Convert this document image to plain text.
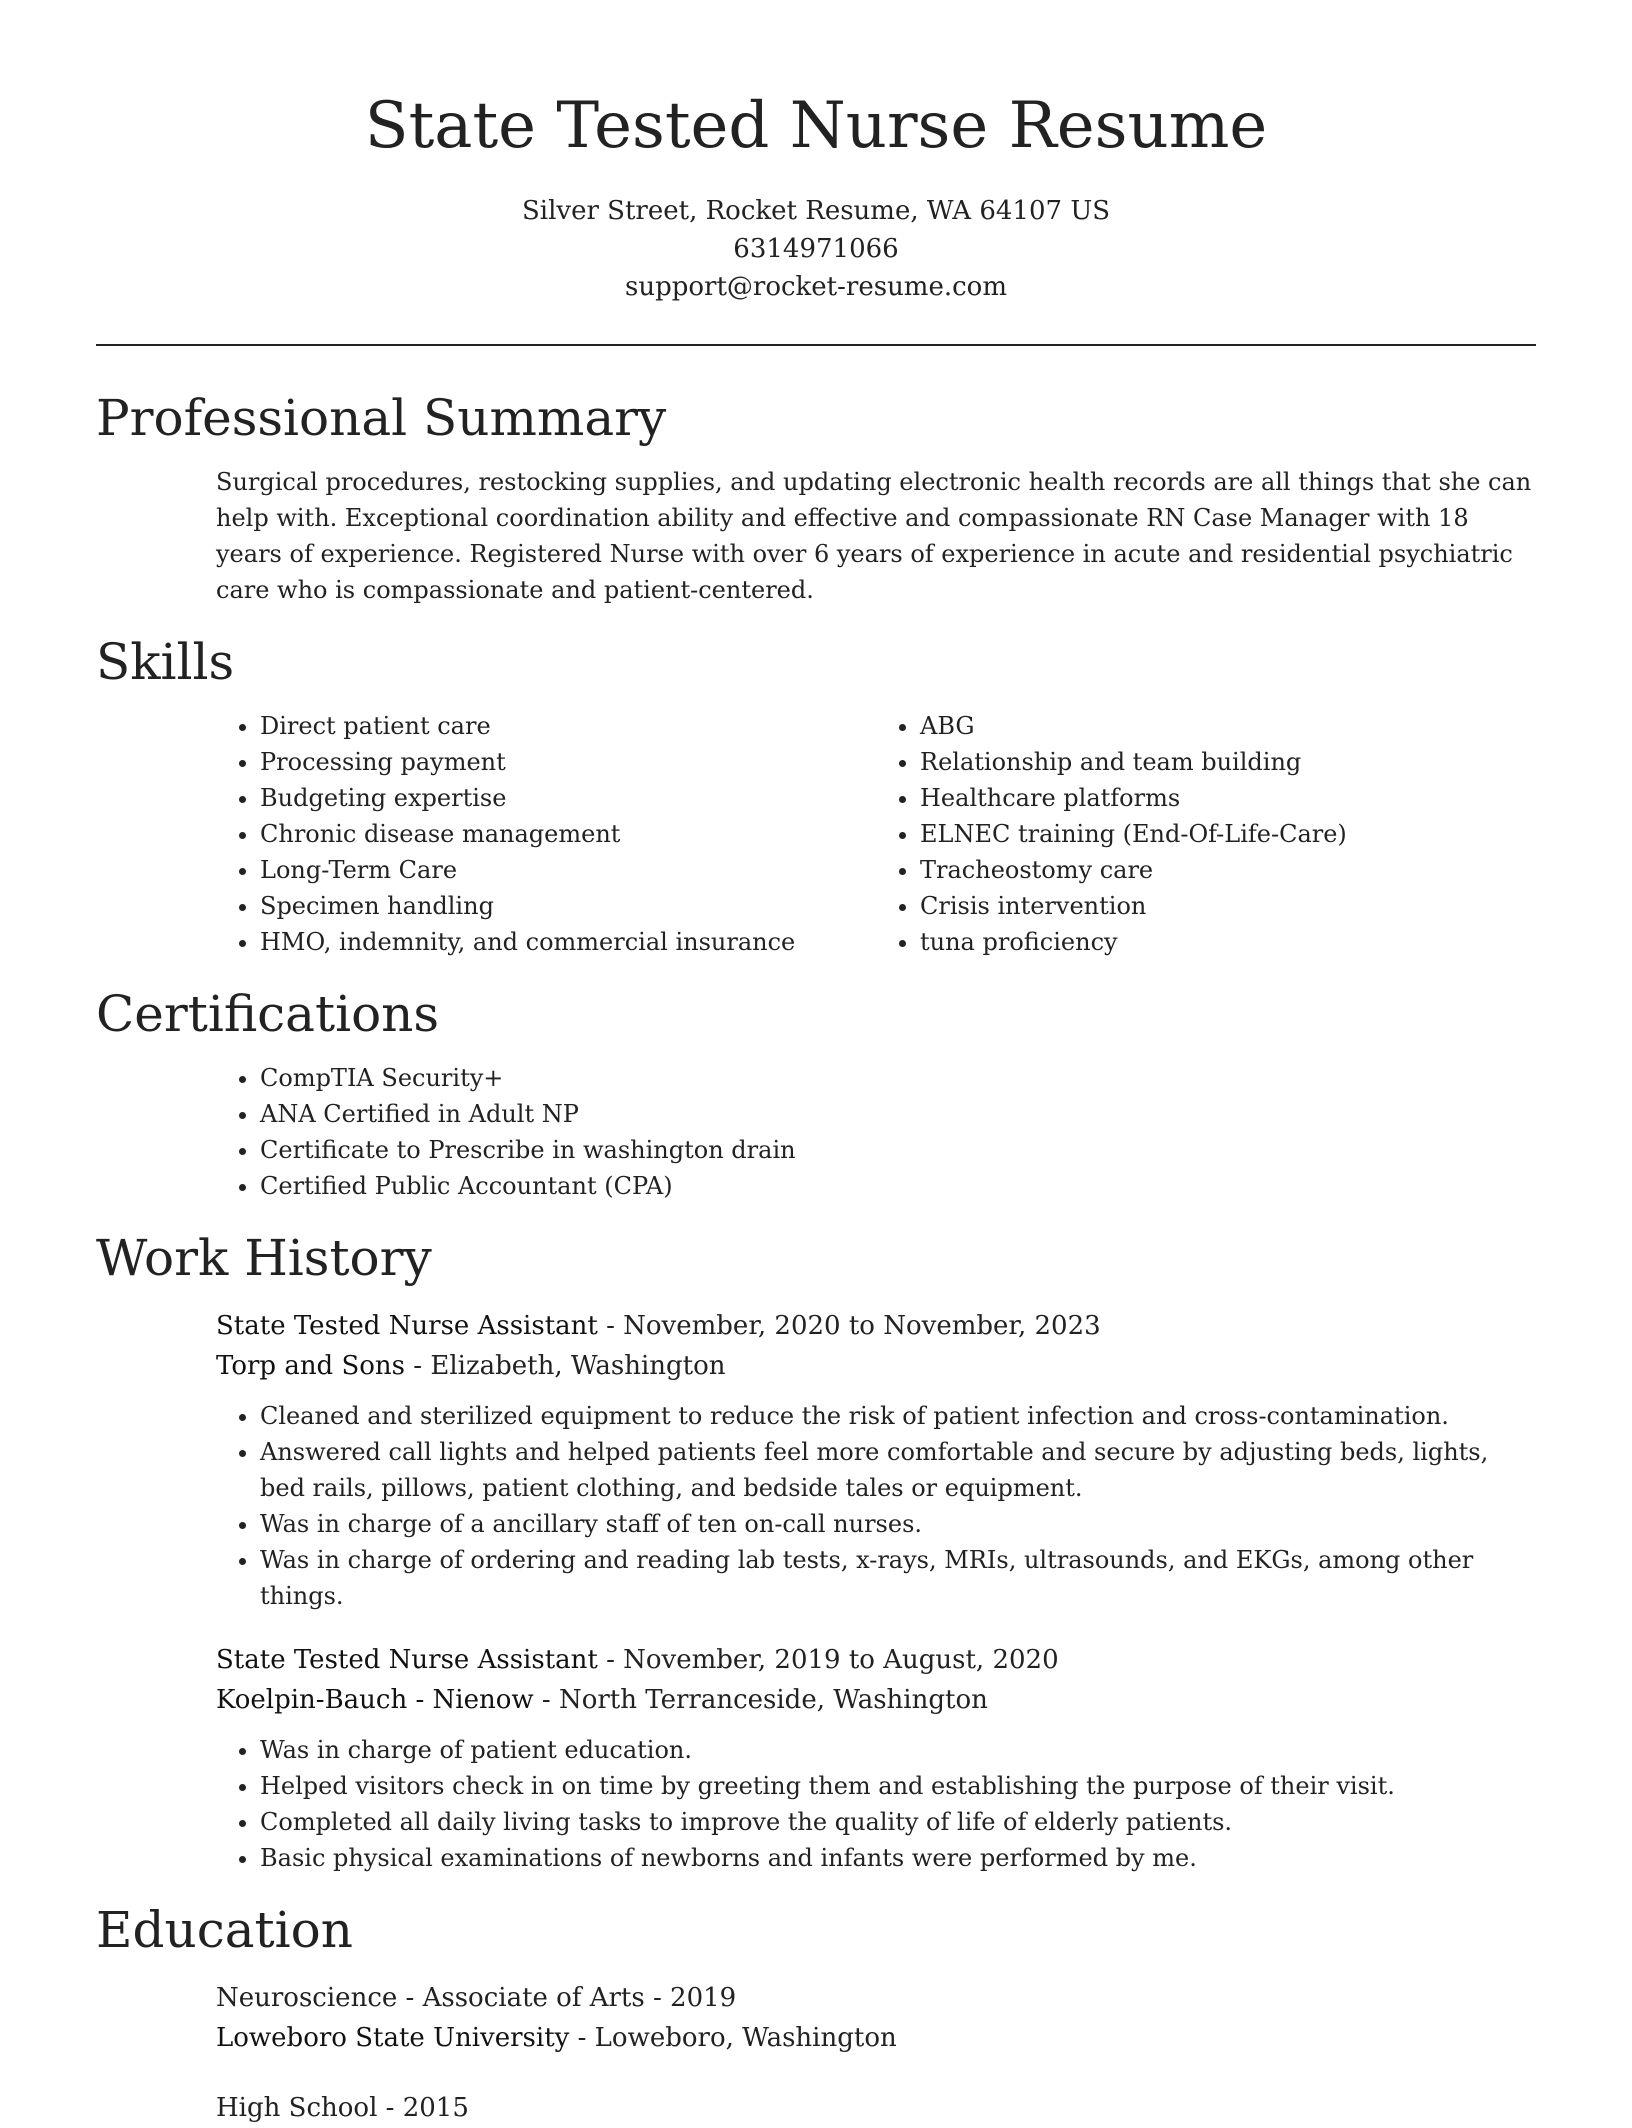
State Tested Nurse Resume
Silver Street, Rocket Resume, WA 64107 US
6314971066
support@rocket-resume.com
Professional Summary

Surgical procedures, restocking supplies, and updating electronic health records are all things that she can help with. Exceptional coordination ability and effective and compassionate RN Case Manager with 18 years of experience. Registered Nurse with over 6 years of experience in acute and residential psychiatric care who is compassionate and patient-centered.

Skills
• Direct patient care
• Processing payment
• Budgeting expertise
• Chronic disease management
• Long-Term Care
• Specimen handling
• HMO, indemnity, and commercial insurance
• ABG
• Relationship and team building
• Healthcare platforms
• ELNEC training (End-Of-Life-Care)
• Tracheostomy care
• Crisis intervention
• tuna proficiency
Certifications
• CompTIA Security+
• ANA Certified in Adult NP
• Certificate to Prescribe in washington drain
• Certified Public Accountant (CPA)
Work History
State Tested Nurse Assistant - November, 2020 to November, 2023
Torp and Sons - Elizabeth, Washington
• Cleaned and sterilized equipment to reduce the risk of patient infection and cross-contamination.
• Answered call lights and helped patients feel more comfortable and secure by adjusting beds, lights, bed rails, pillows, patient clothing, and bedside tales or equipment.
• Was in charge of a ancillary staff of ten on-call nurses.
• Was in charge of ordering and reading lab tests, x-rays, MRIs, ultrasounds, and EKGs, among other things.
State Tested Nurse Assistant - November, 2019 to August, 2020
Koelpin-Bauch - Nienow - North Terranceside, Washington
• Was in charge of patient education.
• Helped visitors check in on time by greeting them and establishing the purpose of their visit.
• Completed all daily living tasks to improve the quality of life of elderly patients.
• Basic physical examinations of newborns and infants were performed by me.
Education
Neuroscience - Associate of Arts - 2019
Loweboro State University - Loweboro, Washington
High School - 2015
